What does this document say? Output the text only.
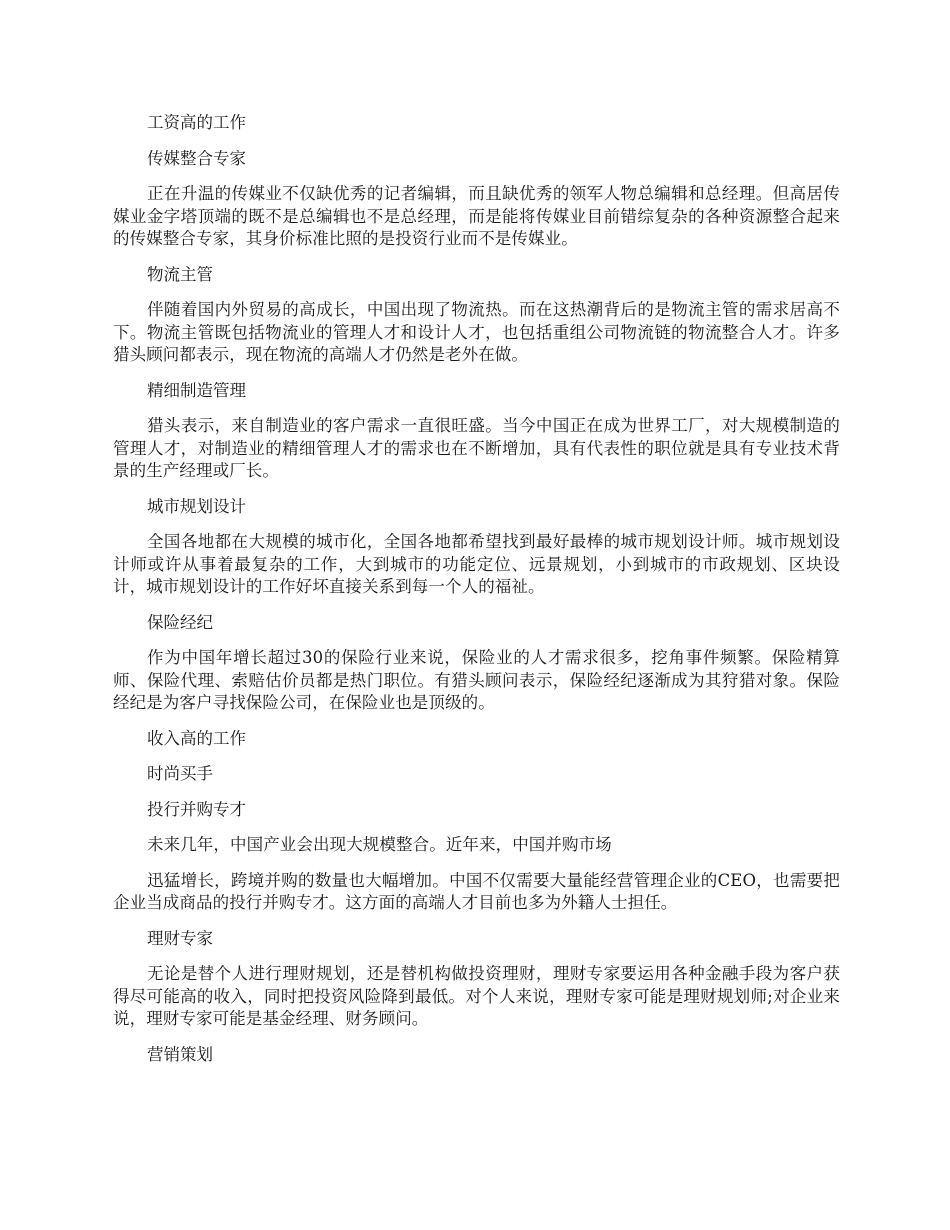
工资高的工作

传媒整合专家

正在升温的传媒业不仅缺优秀的记者编辑，而且缺优秀的领军人物总编辑和总经理。但高居传媒业金字塔顶端的既不是总编辑也不是总经理，而是能将传媒业目前错综复杂的各种资源整合起来的传媒整合专家，其身价标准比照的是投资行业而不是传媒业。

物流主管

伴随着国内外贸易的高成长，中国出现了物流热。而在这热潮背后的是物流主管的需求居高不下。物流主管既包括物流业的管理人才和设计人才，也包括重组公司物流链的物流整合人才。许多猎头顾问都表示，现在物流的高端人才仍然是老外在做。

精细制造管理

猎头表示，来自制造业的客户需求一直很旺盛。当今中国正在成为世界工厂，对大规模制造的管理人才，对制造业的精细管理人才的需求也在不断增加，具有代表性的职位就是具有专业技术背景的生产经理或厂长。

城市规划设计

全国各地都在大规模的城市化，全国各地都希望找到最好最棒的城市规划设计师。城市规划设计师或许从事着最复杂的工作，大到城市的功能定位、远景规划，小到城市的市政规划、区块设计，城市规划设计的工作好坏直接关系到每一个人的福祉。

保险经纪

作为中国年增长超过30的保险行业来说，保险业的人才需求很多，挖角事件频繁。保险精算师、保险代理、索赔估价员都是热门职位。有猎头顾问表示，保险经纪逐渐成为其狩猎对象。保险经纪是为客户寻找保险公司，在保险业也是顶级的。

收入高的工作

时尚买手

投行并购专才

未来几年，中国产业会出现大规模整合。近年来，中国并购市场

迅猛增长，跨境并购的数量也大幅增加。中国不仅需要大量能经营管理企业的CEO，也需要把企业当成商品的投行并购专才。这方面的高端人才目前也多为外籍人士担任。

理财专家

无论是替个人进行理财规划，还是替机构做投资理财，理财专家要运用各种金融手段为客户获得尽可能高的收入，同时把投资风险降到最低。对个人来说，理财专家可能是理财规划师;对企业来说，理财专家可能是基金经理、财务顾问。

营销策划
